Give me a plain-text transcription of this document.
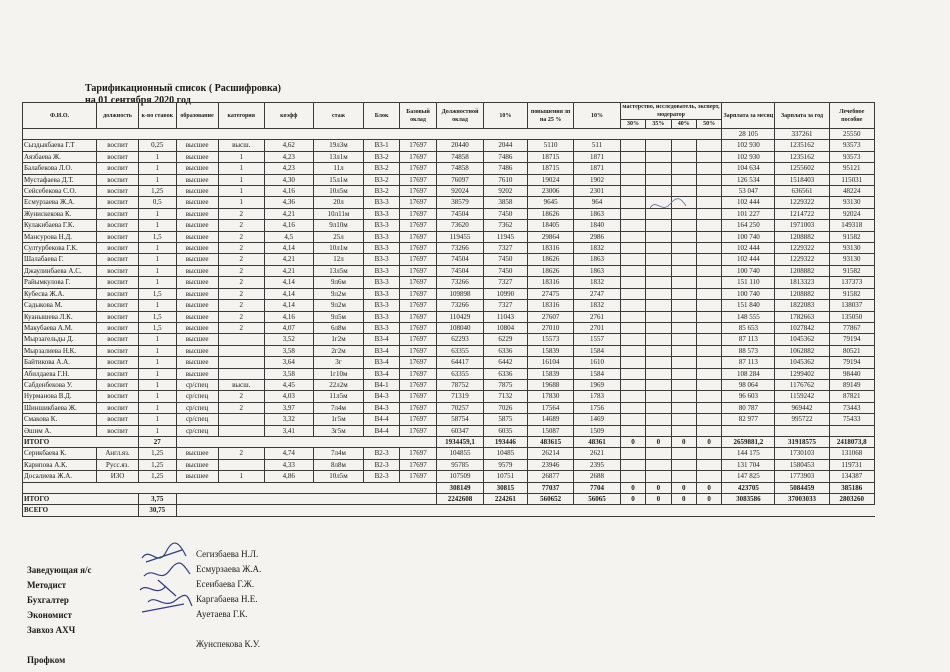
Тарификационный список ( Расшифровка)
на 01 сентября 2020 год
Ф.И.О.	должность	к-во ставок	образование	категория	коэфф	стаж	Блок	Базовый оклад	Должностной оклад	10%	повышения зп на 25 %	10%	мастерство, исследователь, эксперт, модератор				Зарплата за месяц	Зарплата за год	Лечебное пособие
													30%	35%	40%	50%			
																	28 105	337261	25550
Сыздыкбаева Г.Т	воспит	0,25	высшее	высш.	4,62	19л3м	В3-1	17697	20440	2044	5110	511					102 930	1235162	93573
Аязбаева Ж.	воспит	1	высшее	1	4,23	13л1м	В3-2	17697	74858	7486	18715	1871					102 930	1235162	93573
Балабекова Л.О.	воспит	1	высшее	1	4,23	11л	В3-2	17697	74858	7486	18715	1871					104 634	1255602	95121
Мустафаева Д.Т.	воспит	1	высшее	1	4,30	15л1м	В3-2	17697	76097	7610	19024	1902					126 534	1518403	115031
Сейсебекова С.О.	воспит	1,25	высшее	1	4,16	10л5м	В3-2	17697	92024	9202	23006	2301					53 047	636561	48224
Есмурзаева Ж.А.	воспит	0,5	высшее	1	4,36	20л	В3-3	17697	38579	3858	9645	964					102 444	1229322	93130
Жунискекова К.	воспит	1	высшее	2	4,21	10л11м	В3-3	17697	74504	7450	18626	1863					101 227	1214722	92024
Кулакибаева Г.К.	воспит	1	высшее	2	4,16	9л10м	В3-3	17697	73620	7362	18405	1840					164 250	1971003	149318
Мансурова Н.Д.	воспит	1,5	высшее	2	4,5	25л	В3-3	17697	119455	11945	29864	2986					100 740	1208882	91582
Султурбекова Г.К.	воспит	1	высшее	2	4,14	10л1м	В3-3	17697	73266	7327	18316	1832					102 444	1229322	93130
Шалабаева Г.	воспит	1	высшее	2	4,21	12л	В3-3	17697	74504	7450	18626	1863					102 444	1229322	93130
Джаулинбаева А.С.	воспит	1	высшее	2	4,21	13л5м	В3-3	17697	74504	7450	18626	1863					100 740	1208882	91582
Райымкулова Г.	воспит	1	высшее	2	4,14	9л6м	В3-3	17697	73266	7327	18316	1832					151 110	1813323	137373
Кубесва Ж.А.	воспит	1,5	высшее	2	4,14	9л2м	В3-3	17697	109898	10990	27475	2747					100 740	1208882	91582
Садыкова М.	воспит	1	высшее	2	4,14	9л2м	В3-3	17697	73266	7327	18316	1832					151 840	1822083	138037
Куанышева Л.К.	воспит	1,5	высшее	2	4,16	9л5м	В3-3	17697	110429	11043	27607	2761					148 555	1782663	135050
Макубаева А.М.	воспит	1,5	высшее	2	4,07	6л8м	В3-3	17697	108040	10804	27010	2701					85 653	1027842	77867
Мырзагельды Д.	воспит	1	высшее		3,52	1г2м	В3-4	17697	62293	6229	15573	1557					87 113	1045362	79194
Мырзалиева Н.К.	воспит	1	высшее		3,58	2г2м	В3-4	17697	63355	6336	15839	1584					88 573	1062882	80521
Байтикова А.А.	воспит	1	высшее		3,64	3г	В3-4	17697	64417	6442	16104	1610					87 113	1045362	79194
Абилдаева Г.Н.	воспит	1	высшее		3,58	1г10м	В3-4	17697	63355	6336	15839	1584					108 284	1299402	98440
Сабденбекова У.	воспит	1	ср/спец	высш.	4,45	22л2м	В4-1	17697	78752	7875	19688	1969					98 064	1176762	89149
Нурманова В.Д.	воспит	1	ср/спец	2	4,03	11л5м	В4-3	17697	71319	7132	17830	1783					96 603	1159242	87821
Шиншикбаева Ж.	воспит	1	ср/спец	2	3,97	7л4м	В4-3	17697	70257	7026	17564	1756					80 787	969442	73443
Смакова К.	воспит	1	ср/спец		3,32	1г5м	В4-4	17697	58754	5875	14689	1469					82 977	995722	75433
Әшим А.	воспит	1	ср/спец		3,41	3г5м	В4-4	17697	60347	6035	15087	1509							
ИТОГО		27							1934459,1	193446	483615	48361	0	0	0	0	2659881,2	31918575	2418073,8
Серикбаева К.	Англ.яз.	1,25	высшее	2	4,74	7л4м	В2-3	17697	104855	10485	26214	2621					144 175	1730103	131068
Карипова А.К.	Русс.яз.	1,25	высшее		4,33	8л8м	В2-3	17697	95785	9579	23946	2395					131 704	1580453	119731
Досалиева Ж.А.	ИЗО	1,25	высшее	1	4,86	10л5м	В2-3	17697	107509	10751	26877	2688					147 825	1773903	134387
									308149	30815	77037	7704	0	0	0	0	423705	5084459	385186
ИТОГО		3,75							2242608	224261	560652	56065	0	0	0	0	3083586	37003033	2803260
ВСЕГО		30,75																	
Заведующая я/с
Методист
Бухгалтер
Экономист
Завхоз АХЧ
Профком
Сегизбаева Н.Л.
Есмурзаева Ж.А.
Есеибаева Г.Ж.
Каргабаева Н.Е.
Ауетаева Г.К.
Жунспекова К.У.
